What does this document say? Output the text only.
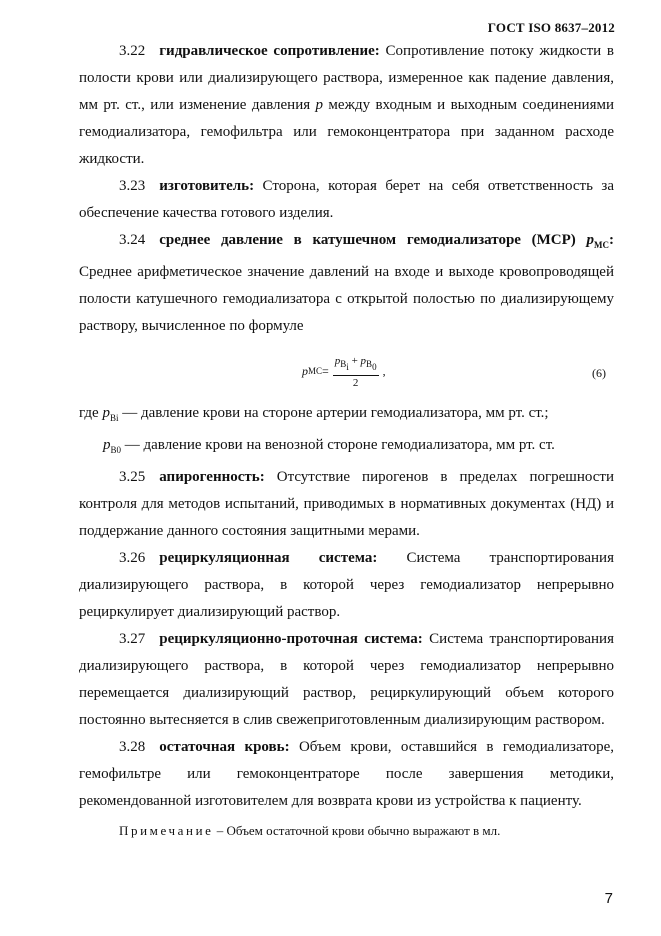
ГОСТ ISO 8637–2012

3.22 гидравлическое сопротивление: Сопротивление потоку жидкости в полости крови или диализирующего раствора, измеренное как падение давления, мм рт. ст., или изменение давления p между входным и выходным соединениями гемодиализатора, гемофильтра или гемоконцентратора при заданном расходе жидкости.

3.23 изготовитель: Сторона, которая берет на себя ответственность за обеспечение качества готового изделия.

3.24 среднее давление в катушечном гемодиализаторе (MCP) $p_{MC}$: Среднее арифметическое значение давлений на входе и выходе кровопроводящей полости катушечного гемодиализатора с открытой полостью по диализирующему раствору, вычисленное по формуле

p MC = $\frac{p_{B_i} + p_{B_0}}{2}$ ,	(6)

где $p_{Bi}$ — давление крови на стороне артерии гемодиализатора, мм рт. ст.;

$p_{B0}$ — давление крови на венозной стороне гемодиализатора, мм рт. ст.

3.25 апирогенность: Отсутствие пирогенов в пределах погрешности контроля для методов испытаний, приводимых в нормативных документах (НД) и поддержание данного состояния защитными мерами.

3.26 рециркуляционная система: Система транспортирования диализирующего раствора, в которой через гемодиализатор непрерывно рециркулирует диализирующий раствор.

3.27 рециркуляционно-проточная система: Система транспортирования диализирующего раствора, в которой через гемодиализатор непрерывно перемещается диализирующий раствор, рециркулирующий объем которого постоянно вытесняется в слив свежеприготовленным диализирующим раствором.

3.28 остаточная кровь: Объем крови, оставшийся в гемодиализаторе, гемофильтре или гемоконцентраторе после завершения методики, рекомендованной изготовителем для возврата крови из устройства к пациенту.

Примечание – Объем остаточной крови обычно выражают в мл.

7
